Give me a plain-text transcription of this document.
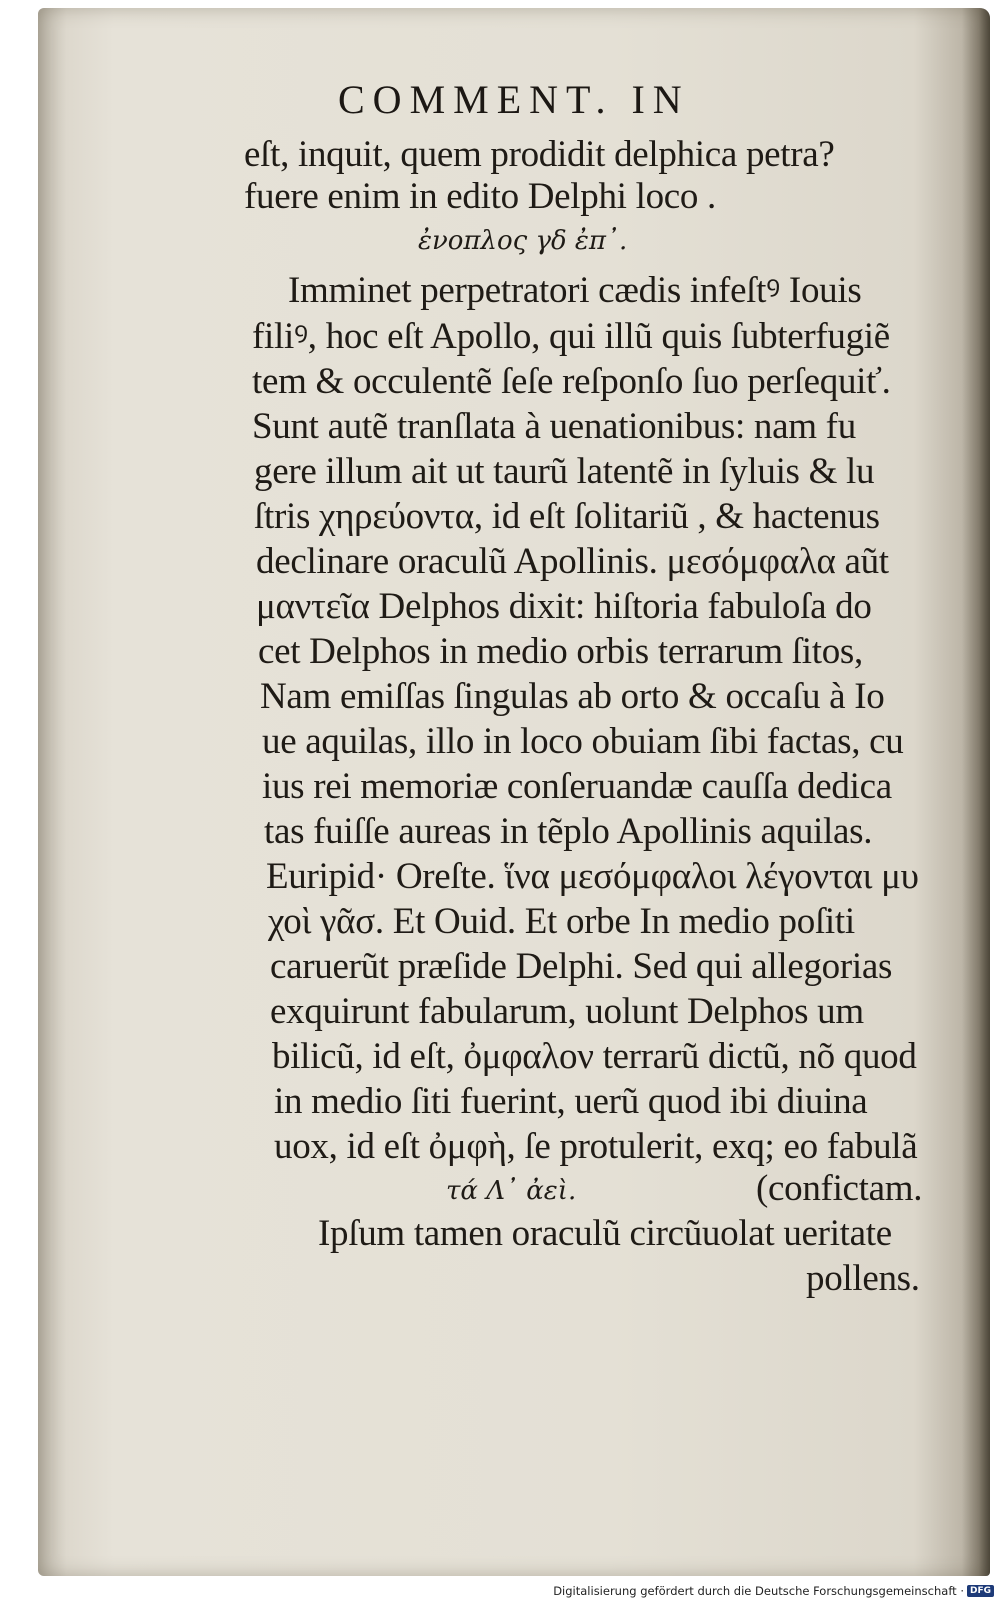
COMMENT. IN
eſt, inquit, quem prodidit delphica petra?
fuere enim in edito Delphi loco .
ἐνοπλος γδ ἐπ᾿.
Imminet perpetratori cædis infeſtꝰ Iouis
filiꝰ, hoc eſt Apollo, qui illũ quis ſubterfugiẽ
tem & occulentẽ ſeſe reſponſo ſuo perſequiť.
Sunt autẽ tranſlata à uenationibus: nam fu
gere illum ait ut taurũ latentẽ in ſyluis & lu
ſtris χηρεύοντα, id eſt ſolitariũ , & hactenus
declinare oraculũ Apollinis. μεσόμφαλα aũt
μαντεῖα Delphos dixit: hiſtoria fabuloſa do
cet Delphos in medio orbis terrarum ſitos,
Nam emiſſas ſingulas ab orto & occaſu à Io
ue aquilas, illo in loco obuiam ſibi factas, cu
ius rei memoriæ conſeruandæ cauſſa dedica
tas fuiſſe aureas in tẽplo Apollinis aquilas.
Euripid· Oreſte. ἵνα μεσόμφαλοι λέγονται μυ
χοὶ γᾶσ. Et Ouid. Et orbe In medio poſiti
caruerũt præſide Delphi. Sed qui allegorias
exquirunt fabularum, uolunt Delphos um
bilicũ, id eſt, ὀμφαλον terrarũ dictũ, nõ quod
in medio ſiti fuerint, uerũ quod ibi diuina
uox, id eſt ὀμφὴ, ſe protulerit, exq; eo fabulã
τά Λ᾿ ἀεὶ.	(confictam.
Ipſum tamen oraculũ circũuolat ueritate
pollens.
Digitalisierung gefördert durch die Deutsche Forschungsgemeinschaft · DFG
